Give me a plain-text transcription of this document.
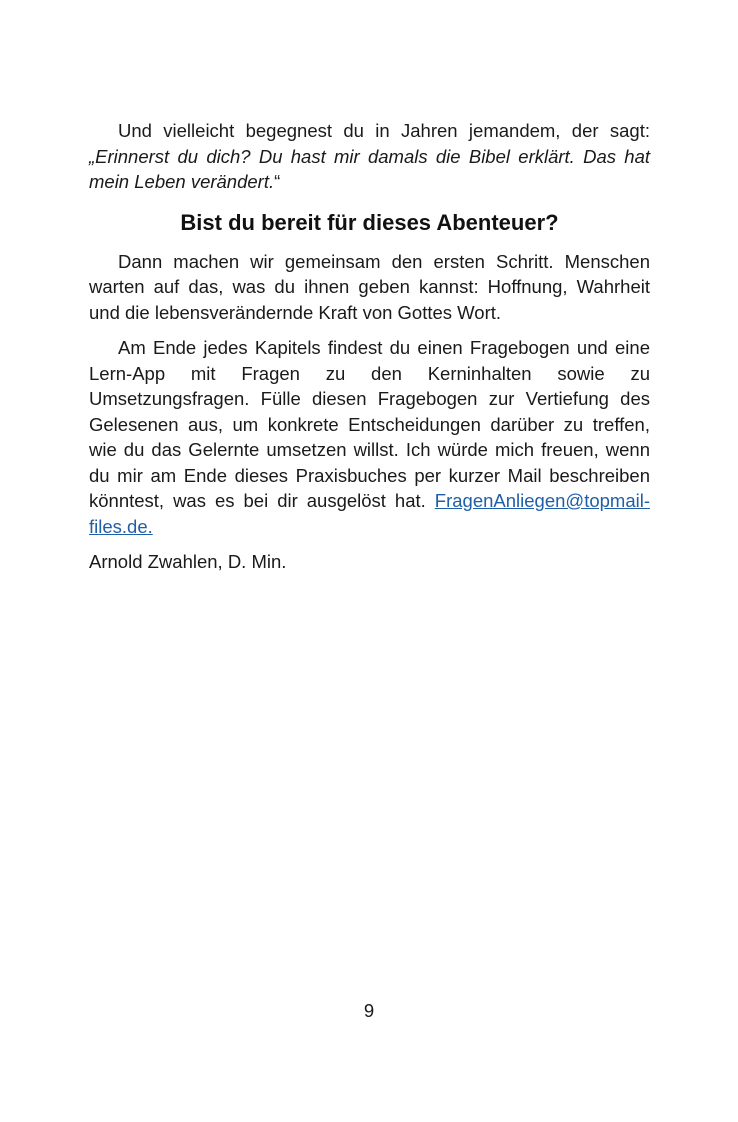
Und vielleicht begegnest du in Jahren jemandem, der sagt: „Erinnerst du dich? Du hast mir damals die Bibel erklärt. Das hat mein Leben verändert.“

Bist du bereit für dieses Abenteuer?

Dann machen wir gemeinsam den ersten Schritt. Menschen warten auf das, was du ihnen geben kannst: Hoffnung, Wahrheit und die lebensverändernde Kraft von Gottes Wort.

Am Ende jedes Kapitels findest du einen Fragebogen und eine Lern-App mit Fragen zu den Kerninhalten sowie zu Umsetzungsfragen. Fülle diesen Fragebogen zur Vertiefung des Gelesenen aus, um konkrete Entscheidungen darüber zu treffen, wie du das Gelernte umsetzen willst. Ich würde mich freuen, wenn du mir am Ende dieses Praxisbuches per kurzer Mail beschreiben könntest, was es bei dir ausgelöst hat. FragenAnliegen@topmail-files.de.

Arnold Zwahlen, D. Min.

9
